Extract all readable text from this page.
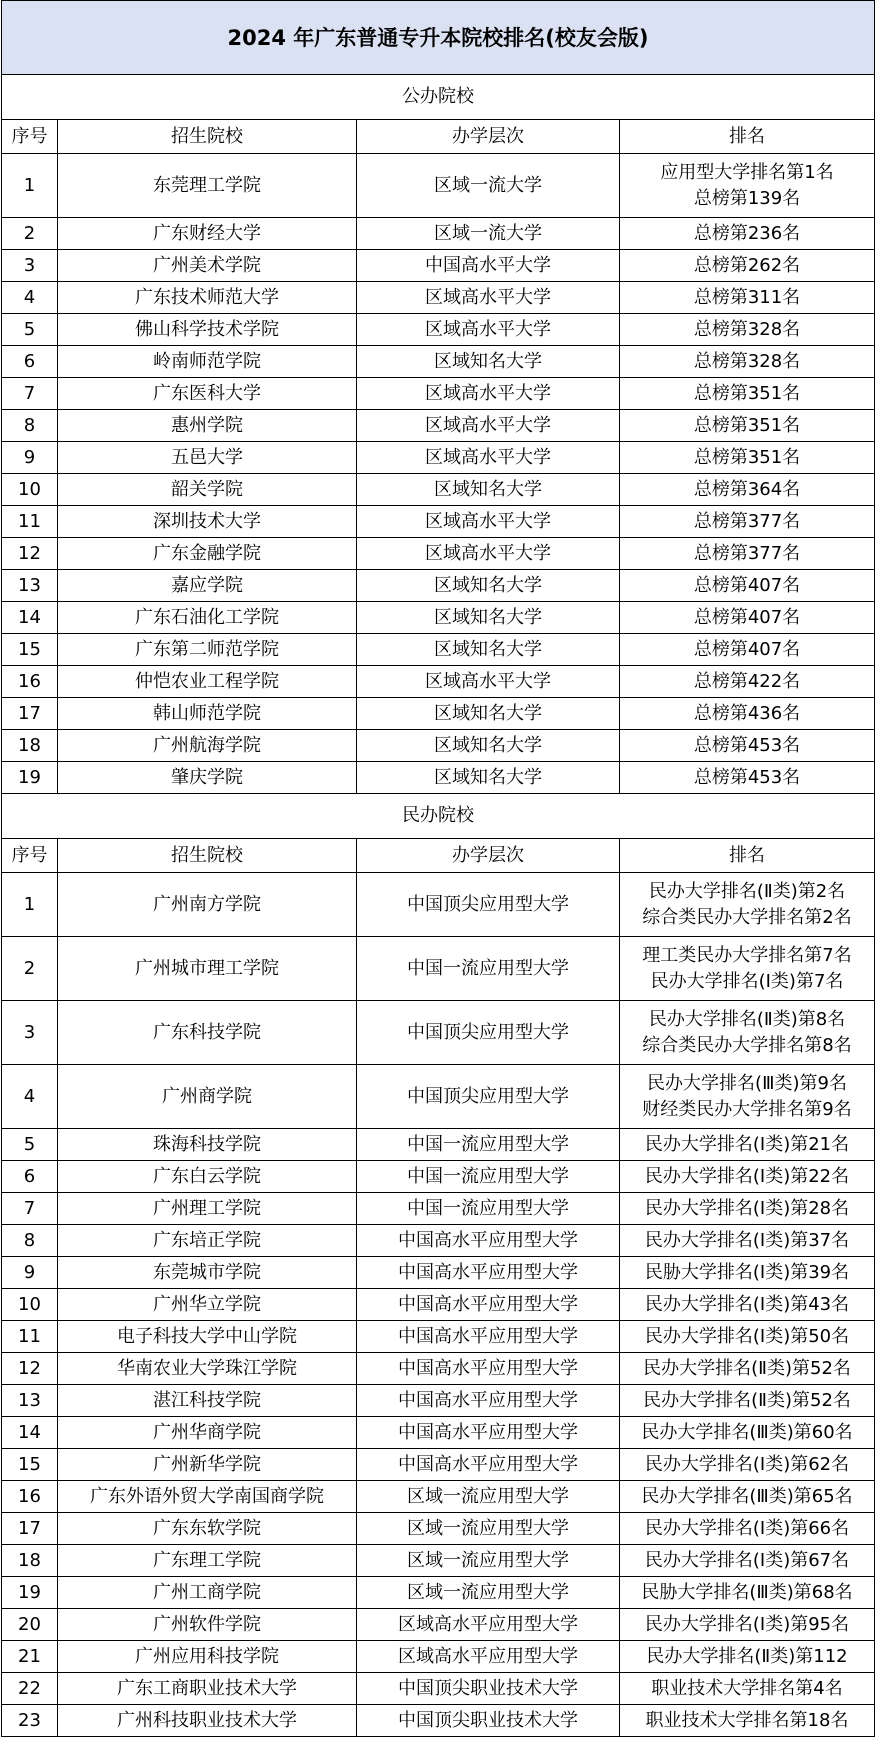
2024 年广东普通专升本院校排名(校友会版)			
公办院校			
序号	招生院校	办学层次	排名
1	东莞理工学院	区域一流大学	应用型大学排名第1名
总榜第139名

2	广东财经大学	区域一流大学	总榜第236名

3	广州美术学院	中国高水平大学	总榜第262名

4	广东技术师范大学	区域高水平大学	总榜第311名

5	佛山科学技术学院	区域高水平大学	总榜第328名

6	岭南师范学院	区域知名大学	总榜第328名

7	广东医科大学	区域高水平大学	总榜第351名

8	惠州学院	区域高水平大学	总榜第351名

9	五邑大学	区域高水平大学	总榜第351名

10	韶关学院	区域知名大学	总榜第364名

11	深圳技术大学	区域高水平大学	总榜第377名

12	广东金融学院	区域高水平大学	总榜第377名

13	嘉应学院	区域知名大学	总榜第407名

14	广东石油化工学院	区域知名大学	总榜第407名

15	广东第二师范学院	区域知名大学	总榜第407名

16	仲恺农业工程学院	区域高水平大学	总榜第422名

17	韩山师范学院	区域知名大学	总榜第436名

18	广州航海学院	区域知名大学	总榜第453名

19	肇庆学院	区域知名大学	总榜第453名

民办院校			
序号	招生院校	办学层次	排名
1	广州南方学院	中国顶尖应用型大学	民办大学排名(Ⅱ类)第2名
综合类民办大学排名第2名

2	广州城市理工学院	中国一流应用型大学	理工类民办大学排名第7名
民办大学排名(I类)第7名

3	广东科技学院	中国顶尖应用型大学	民办大学排名(Ⅱ类)第8名
综合类民办大学排名第8名

4	广州商学院	中国顶尖应用型大学	民办大学排名(Ⅲ类)第9名
财经类民办大学排名第9名

5	珠海科技学院	中国一流应用型大学	民办大学排名(I类)第21名

6	广东白云学院	中国一流应用型大学	民办大学排名(I类)第22名

7	广州理工学院	中国一流应用型大学	民办大学排名(I类)第28名

8	广东培正学院	中国高水平应用型大学	民办大学排名(I类)第37名

9	东莞城市学院	中国高水平应用型大学	民胁大学排名(I类)第39名

10	广州华立学院	中国高水平应用型大学	民办大学排名(I类)第43名

11	电子科技大学中山学院	中国高水平应用型大学	民办大学排名(I类)第50名

12	华南农业大学珠江学院	中国高水平应用型大学	民办大学排名(Ⅱ类)第52名

13	湛江科技学院	中国高水平应用型大学	民办大学排名(Ⅱ类)第52名

14	广州华商学院	中国高水平应用型大学	民办大学排名(Ⅲ类)第60名

15	广州新华学院	中国高水平应用型大学	民办大学排名(I类)第62名

16	广东外语外贸大学南国商学院	区域一流应用型大学	民办大学排名(Ⅲ类)第65名

17	广东东软学院	区域一流应用型大学	民办大学排名(I类)第66名

18	广东理工学院	区域一流应用型大学	民办大学排名(I类)第67名

19	广州工商学院	区域一流应用型大学	民胁大学排名(Ⅲ类)第68名

20	广州软件学院	区域高水平应用型大学	民办大学排名(I类)第95名

21	广州应用科技学院	区域高水平应用型大学	民办大学排名(Ⅱ类)第112

22	广东工商职业技术大学	中国顶尖职业技术大学	职业技术大学排名第4名

23	广州科技职业技术大学	中国顶尖职业技术大学	职业技术大学排名第18名
